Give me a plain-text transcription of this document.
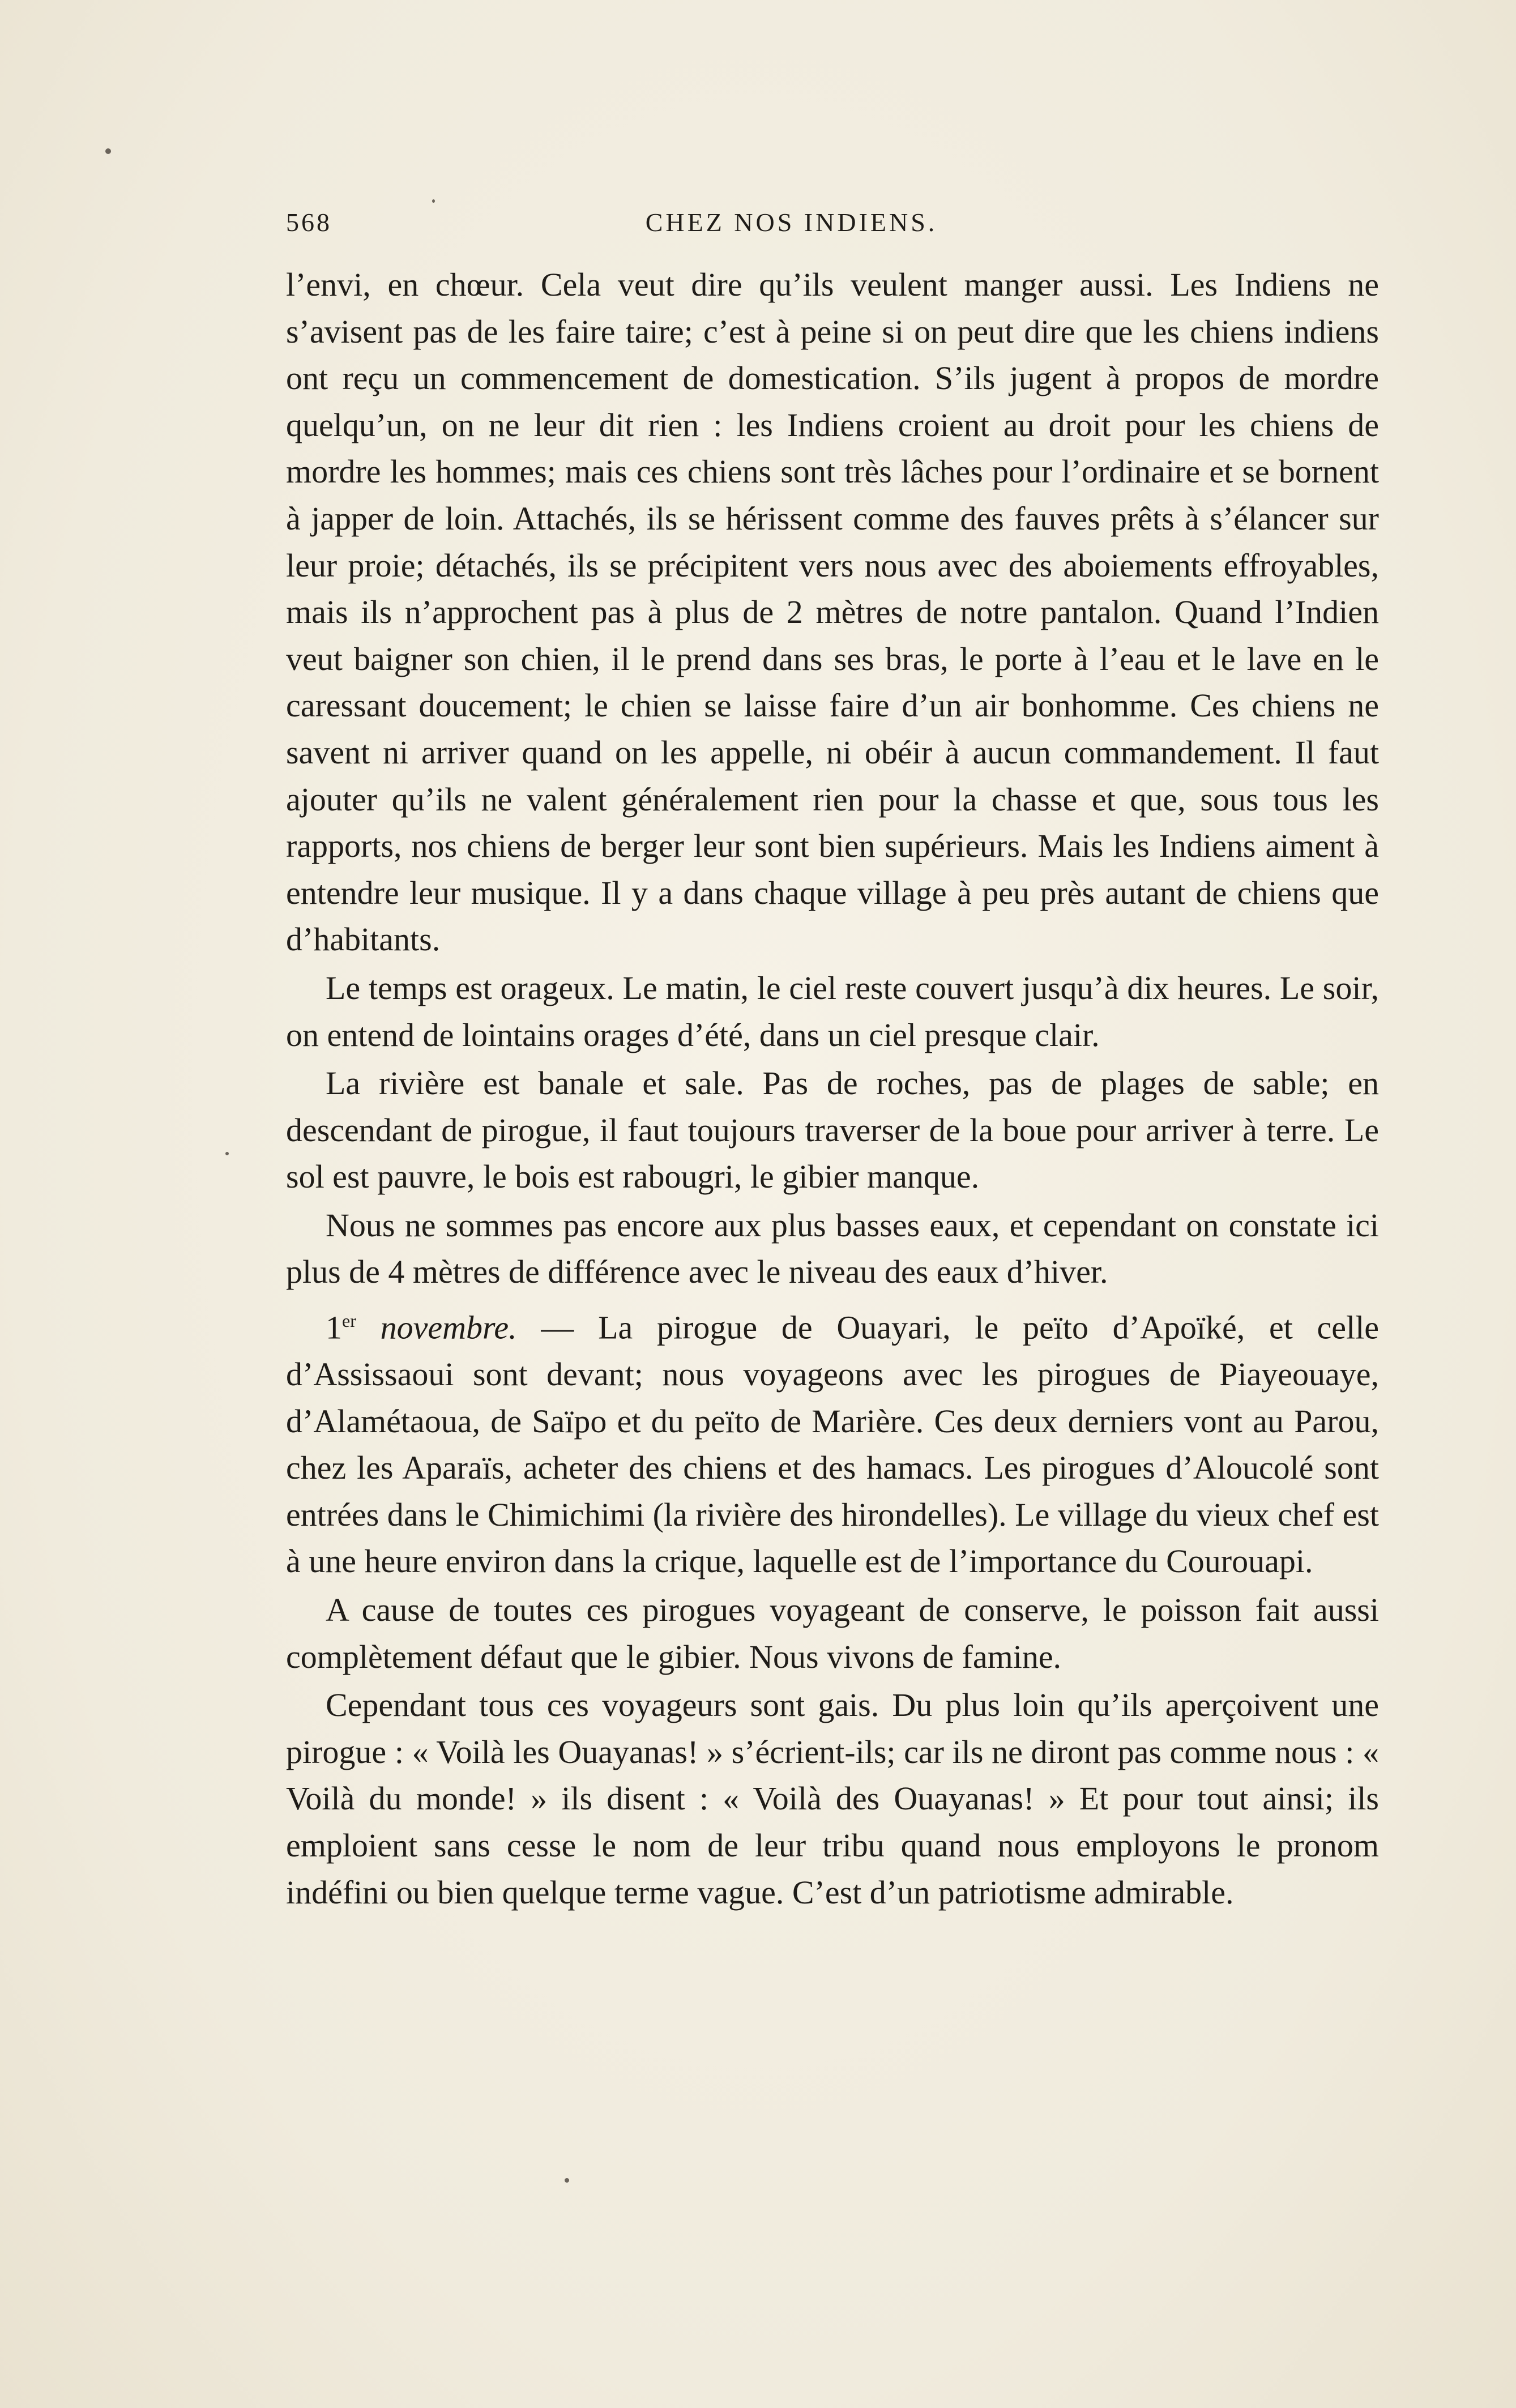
568	CHEZ NOS INDIENS.

l’envi, en chœur. Cela veut dire qu’ils veulent manger aussi. Les Indiens ne s’avisent pas de les faire taire; c’est à peine si on peut dire que les chiens indiens ont reçu un commencement de domestication. S’ils jugent à propos de mordre quelqu’un, on ne leur dit rien : les Indiens croient au droit pour les chiens de mordre les hommes; mais ces chiens sont très lâches pour l’ordinaire et se bornent à japper de loin. Attachés, ils se hérissent comme des fauves prêts à s’élancer sur leur proie; détachés, ils se précipitent vers nous avec des aboiements effroyables, mais ils n’approchent pas à plus de 2 mètres de notre pantalon. Quand l’Indien veut baigner son chien, il le prend dans ses bras, le porte à l’eau et le lave en le caressant doucement; le chien se laisse faire d’un air bonhomme. Ces chiens ne savent ni arriver quand on les appelle, ni obéir à aucun commandement. Il faut ajouter qu’ils ne valent généralement rien pour la chasse et que, sous tous les rapports, nos chiens de berger leur sont bien supérieurs. Mais les Indiens aiment à entendre leur musique. Il y a dans chaque village à peu près autant de chiens que d’habitants.

Le temps est orageux. Le matin, le ciel reste couvert jusqu’à dix heures. Le soir, on entend de lointains orages d’été, dans un ciel presque clair.

La rivière est banale et sale. Pas de roches, pas de plages de sable; en descendant de pirogue, il faut toujours traverser de la boue pour arriver à terre. Le sol est pauvre, le bois est rabougri, le gibier manque.

Nous ne sommes pas encore aux plus basses eaux, et cependant on constate ici plus de 4 mètres de différence avec le niveau des eaux d’hiver.

1er novembre. — La pirogue de Ouayari, le peïto d’Apoïké, et celle d’Assissaoui sont devant; nous voyageons avec les pirogues de Piayeouaye, d’Alamétaoua, de Saïpo et du peïto de Marière. Ces deux derniers vont au Parou, chez les Aparaïs, acheter des chiens et des hamacs. Les pirogues d’Aloucolé sont entrées dans le Chimichimi (la rivière des hirondelles). Le village du vieux chef est à une heure environ dans la crique, laquelle est de l’importance du Courouapi.

A cause de toutes ces pirogues voyageant de conserve, le poisson fait aussi complètement défaut que le gibier. Nous vivons de famine.

Cependant tous ces voyageurs sont gais. Du plus loin qu’ils aperçoivent une pirogue : « Voilà les Ouayanas! » s’écrient-ils; car ils ne diront pas comme nous : « Voilà du monde! » ils disent : « Voilà des Ouayanas! » Et pour tout ainsi; ils emploient sans cesse le nom de leur tribu quand nous employons le pronom indéfini ou bien quelque terme vague. C’est d’un patriotisme admirable.
